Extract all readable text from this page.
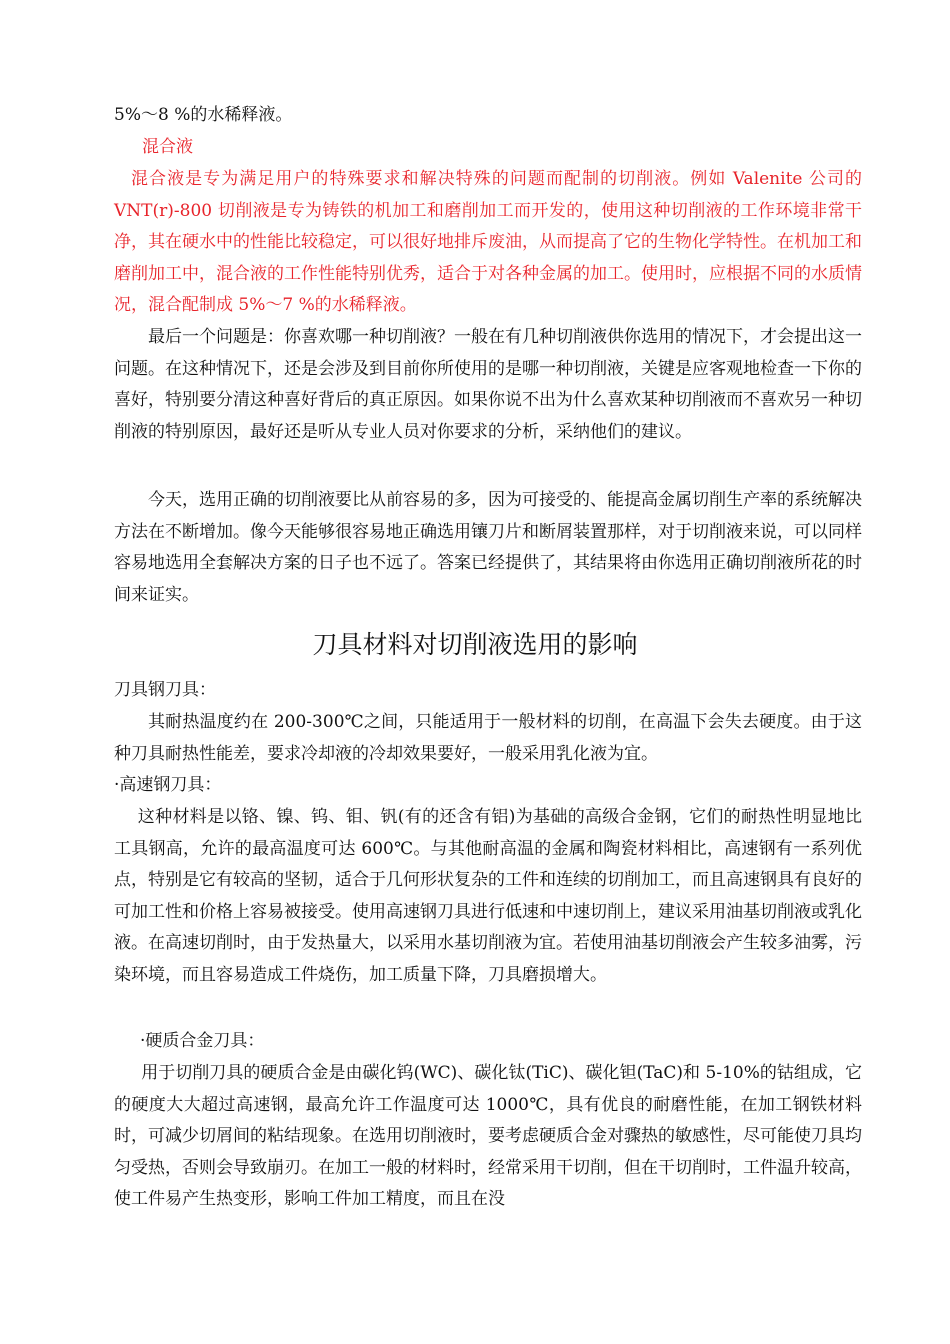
5%～8 %的水稀释液。
混合液
混合液是专为满足用户的特殊要求和解决特殊的问题而配制的切削液。例如 Valenite 公司的 VNT(r)-800 切削液是专为铸铁的机加工和磨削加工而开发的，使用这种切削液的工作环境非常干净，其在硬水中的性能比较稳定，可以很好地排斥废油，从而提高了它的生物化学特性。在机加工和磨削加工中，混合液的工作性能特别优秀，适合于对各种金属的加工。使用时，应根据不同的水质情况，混合配制成 5%～7 %的水稀释液。
最后一个问题是：你喜欢哪一种切削液？一般在有几种切削液供你选用的情况下，才会提出这一问题。在这种情况下，还是会涉及到目前你所使用的是哪一种切削液，关键是应客观地检查一下你的喜好，特别要分清这种喜好背后的真正原因。如果你说不出为什么喜欢某种切削液而不喜欢另一种切削液的特别原因，最好还是听从专业人员对你要求的分析，采纳他们的建议。
今天，选用正确的切削液要比从前容易的多，因为可接受的、能提高金属切削生产率的系统解决方法在不断增加。像今天能够很容易地正确选用镶刀片和断屑装置那样，对于切削液来说，可以同样容易地选用全套解决方案的日子也不远了。答案已经提供了，其结果将由你选用正确切削液所花的时间来证实。
刀具材料对切削液选用的影响
刀具钢刀具：
其耐热温度约在 200-300℃之间，只能适用于一般材料的切削，在高温下会失去硬度。由于这种刀具耐热性能差，要求冷却液的冷却效果要好，一般采用乳化液为宜。
·高速钢刀具：
这种材料是以铬、镍、钨、钼、钒(有的还含有铝)为基础的高级合金钢，它们的耐热性明显地比工具钢高，允许的最高温度可达 600℃。与其他耐高温的金属和陶瓷材料相比，高速钢有一系列优点，特别是它有较高的坚韧，适合于几何形状复杂的工件和连续的切削加工，而且高速钢具有良好的可加工性和价格上容易被接受。使用高速钢刀具进行低速和中速切削上，建议采用油基切削液或乳化液。在高速切削时，由于发热量大，以采用水基切削液为宜。若使用油基切削液会产生较多油雾，污染环境，而且容易造成工件烧伤，加工质量下降，刀具磨损增大。
·硬质合金刀具：
用于切削刀具的硬质合金是由碳化钨(WC)、碳化钛(TiC)、碳化钽(TaC)和 5-10%的钴组成，它的硬度大大超过高速钢，最高允许工作温度可达 1000℃，具有优良的耐磨性能，在加工钢铁材料时，可减少切屑间的粘结现象。在选用切削液时，要考虑硬质合金对骤热的敏感性，尽可能使刀具均匀受热，否则会导致崩刃。在加工一般的材料时，经常采用干切削，但在干切削时，工件温升较高，使工件易产生热变形，影响工件加工精度，而且在没
